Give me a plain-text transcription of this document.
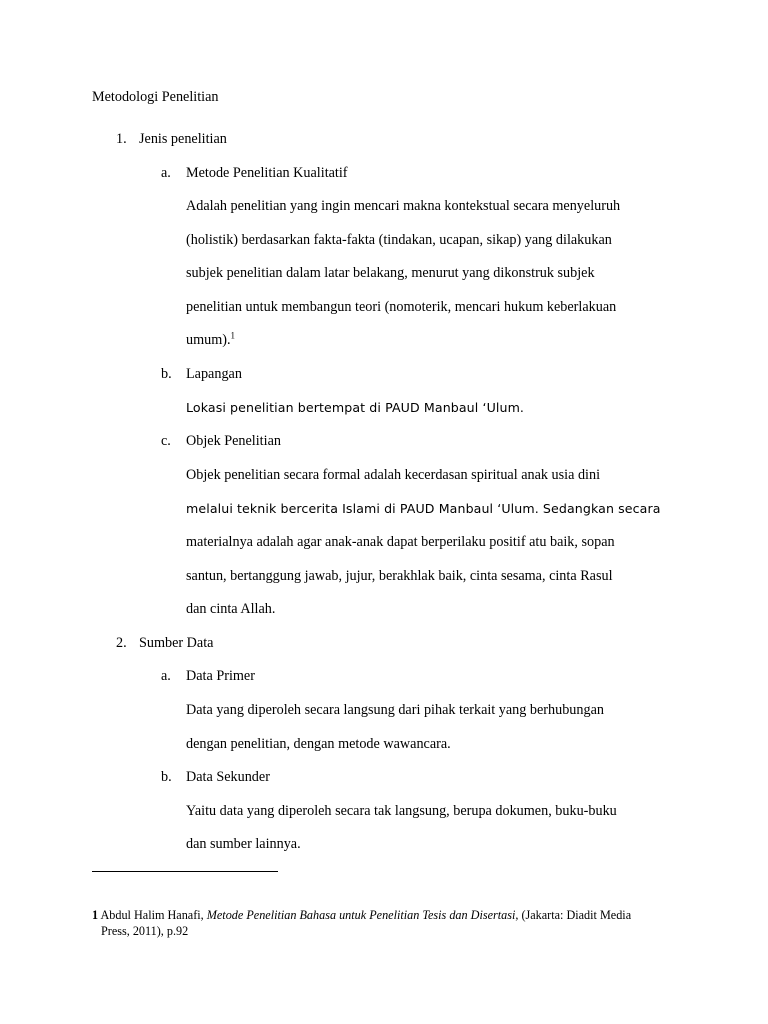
Metodologi Penelitian
1. Jenis penelitian
a. Metode Penelitian Kualitatif
Adalah penelitian yang ingin mencari makna kontekstual secara menyeluruh
(holistik) berdasarkan fakta-fakta (tindakan, ucapan, sikap) yang dilakukan
subjek penelitian dalam latar belakang, menurut yang dikonstruk subjek
penelitian untuk membangun teori (nomoterik, mencari hukum keberlakuan
umum).$^1$
b. Lapangan
Lokasi penelitian bertempat di PAUD Manbaul ‘Ulum.
c. Objek Penelitian
Objek penelitian secara formal adalah kecerdasan spiritual anak usia dini
melalui teknik bercerita Islami di PAUD Manbaul ‘Ulum. Sedangkan secara
materialnya adalah agar anak-anak dapat berperilaku positif atu baik, sopan
santun, bertanggung jawab, jujur, berakhlak baik, cinta sesama, cinta Rasul
dan cinta Allah.
2. Sumber Data
a. Data Primer
Data yang diperoleh secara langsung dari pihak terkait yang berhubungan
dengan penelitian, dengan metode wawancara.
b. Data Sekunder
Yaitu data yang diperoleh secara tak langsung, berupa dokumen, buku-buku
dan sumber lainnya.
1 Abdul Halim Hanafi, Metode Penelitian Bahasa untuk Penelitian Tesis dan Disertasi, (Jakarta: Diadit Media
Press, 2011), p.92
